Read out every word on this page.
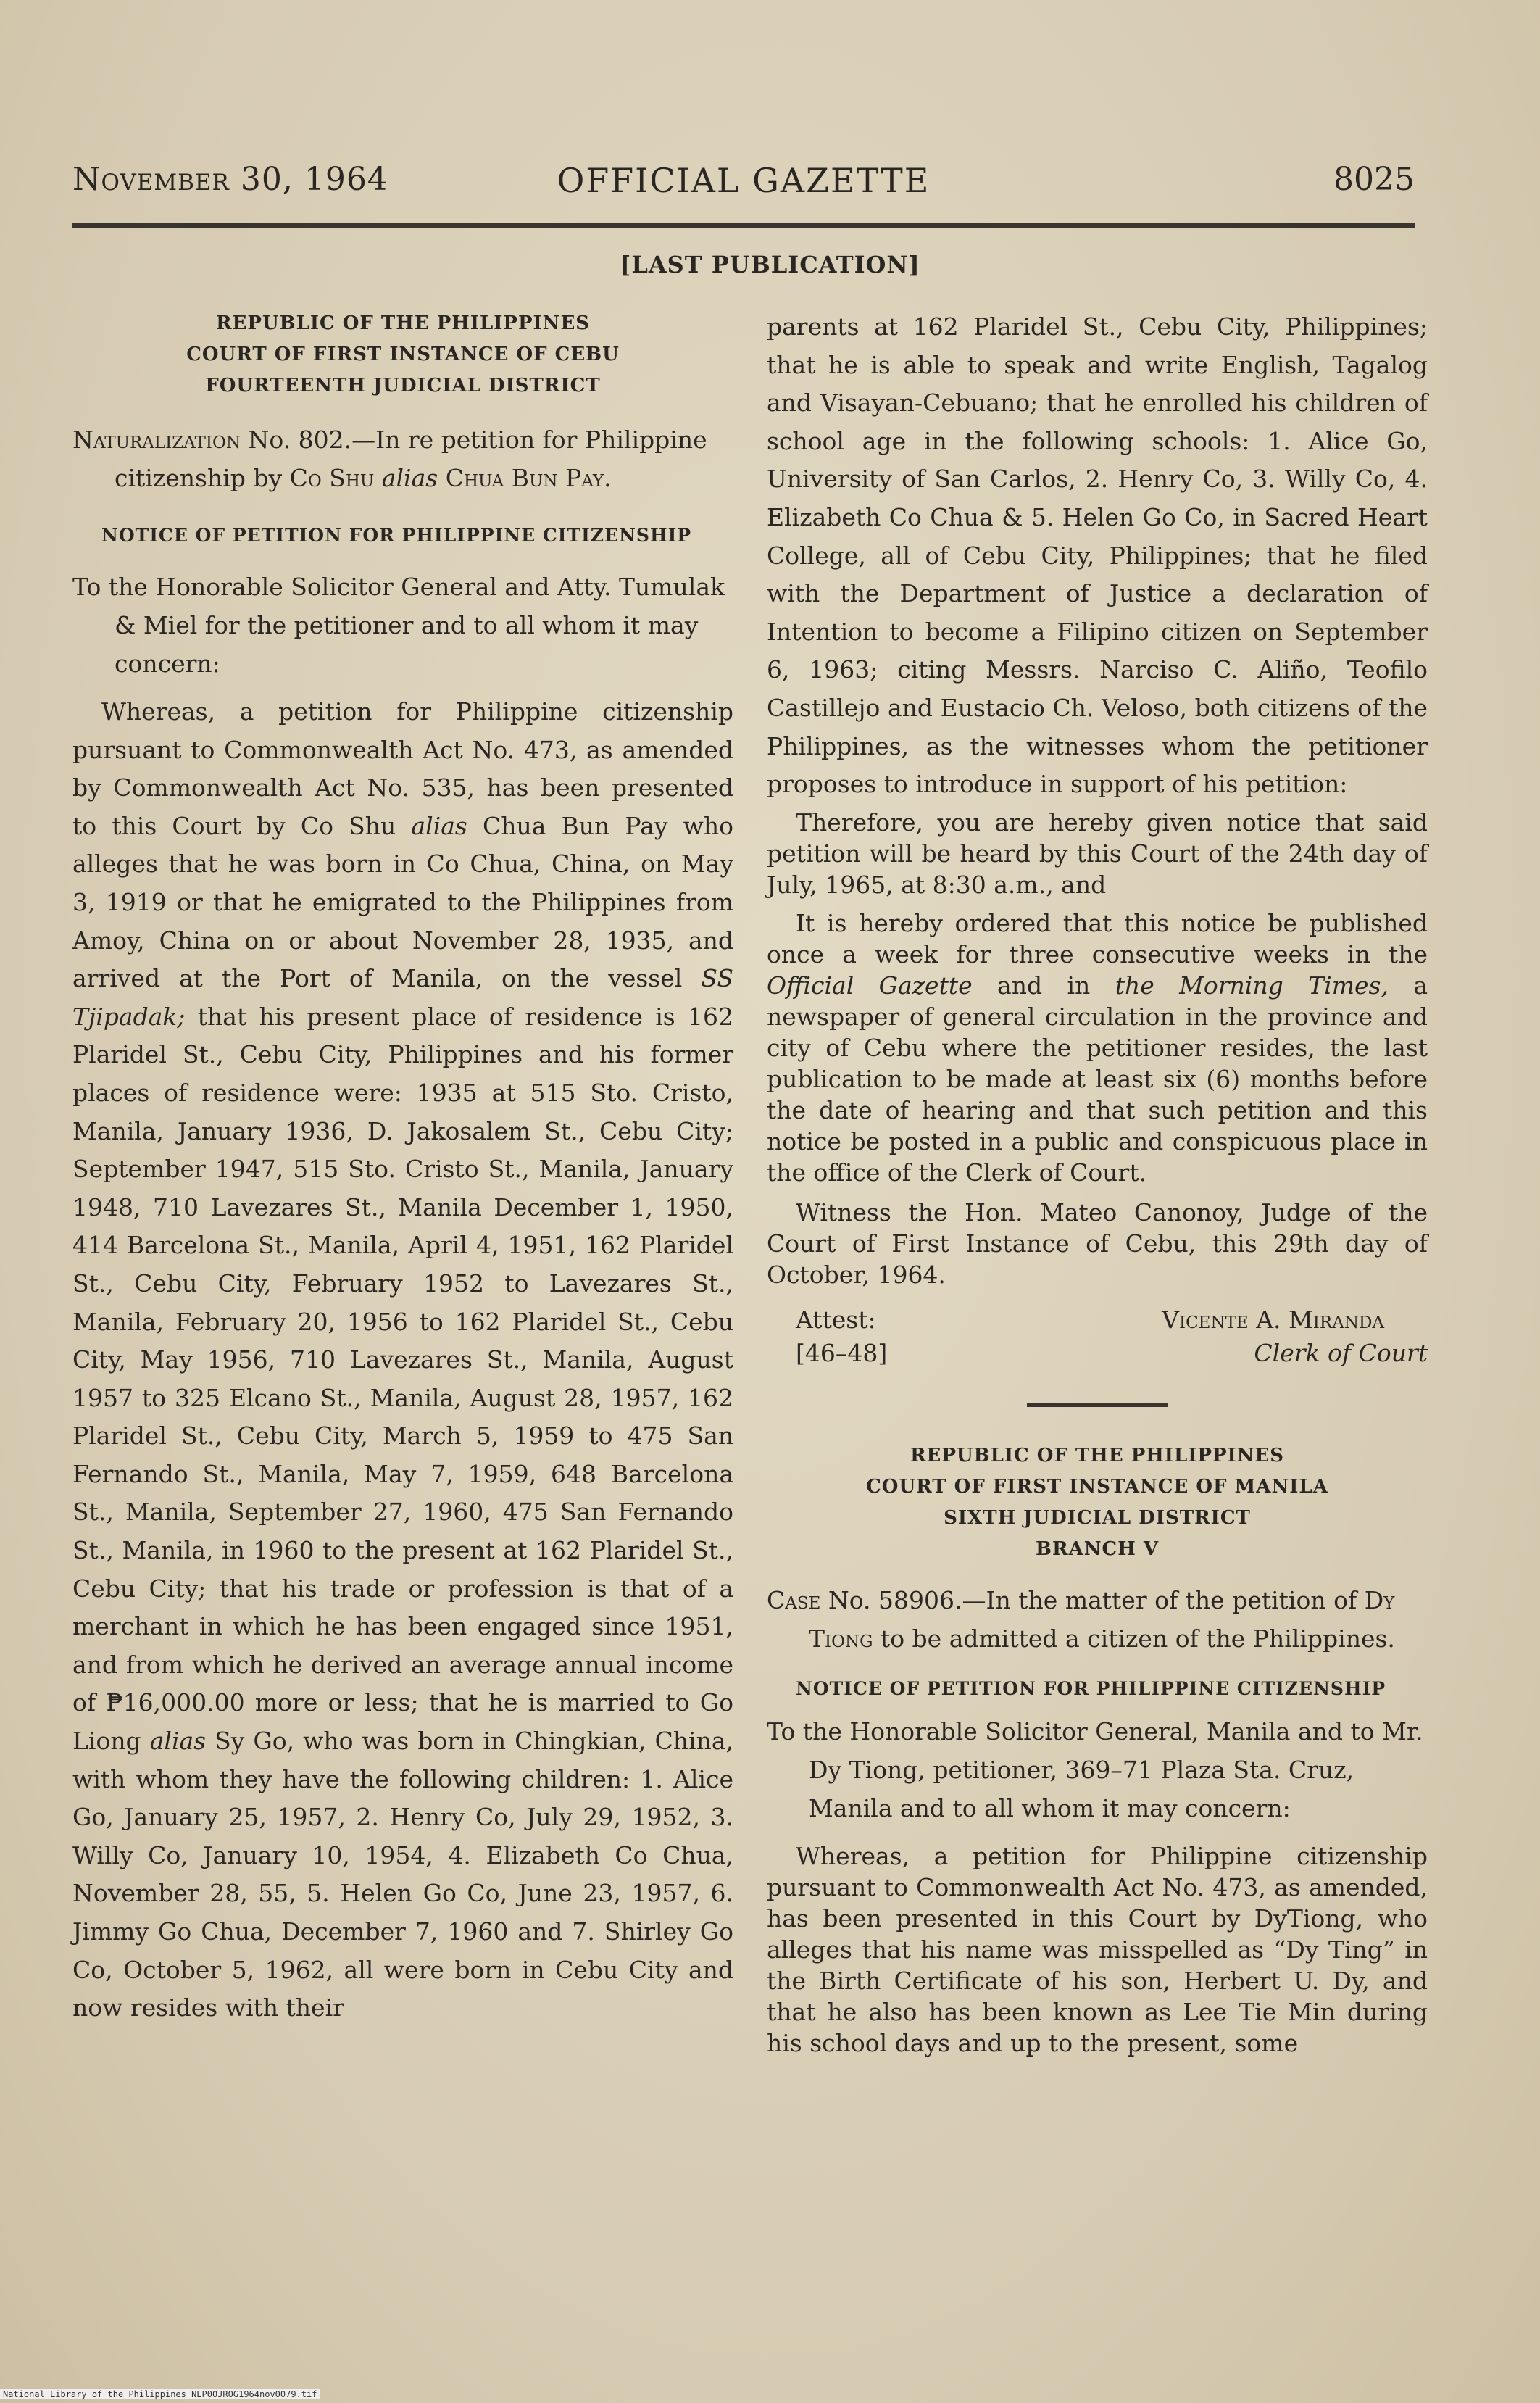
OFFICIAL GAZETTE
November 30, 1964	8025
[LAST PUBLICATION]
REPUBLIC OF THE PHILIPPINES
COURT OF FIRST INSTANCE OF CEBU
FOURTEENTH JUDICIAL DISTRICT

Naturalization No. 802.—In re petition for Philippine citizenship by Co Shu alias Chua Bun Pay.

NOTICE OF PETITION FOR PHILIPPINE CITIZENSHIP

To the Honorable Solicitor General and Atty. Tumulak & Miel for the petitioner and to all whom it may concern:

Whereas, a petition for Philippine citizenship pursuant to Commonwealth Act No. 473, as amended by Commonwealth Act No. 535, has been presented to this Court by Co Shu alias Chua Bun Pay who alleges that he was born in Co Chua, China, on May 3, 1919 or that he emigrated to the Philippines from Amoy, China on or about November 28, 1935, and arrived at the Port of Manila, on the vessel SS Tjipadak; that his present place of residence is 162 Plaridel St., Cebu City, Philippines and his former places of residence were: 1935 at 515 Sto. Cristo, Manila, January 1936, D. Jakosalem St., Cebu City; September 1947, 515 Sto. Cristo St., Manila, January 1948, 710 Lavezares St., Manila December 1, 1950, 414 Barcelona St., Manila, April 4, 1951, 162 Plaridel St., Cebu City, February 1952 to Lavezares St., Manila, February 20, 1956 to 162 Plaridel St., Cebu City, May 1956, 710 Lavezares St., Manila, August 1957 to 325 Elcano St., Manila, August 28, 1957, 162 Plaridel St., Cebu City, March 5, 1959 to 475 San Fernando St., Manila, May 7, 1959, 648 Barcelona St., Manila, September 27, 1960, 475 San Fernando St., Manila, in 1960 to the present at 162 Plaridel St., Cebu City; that his trade or profession is that of a merchant in which he has been engaged since 1951, and from which he derived an average annual income of ₱16,000.00 more or less; that he is married to Go Liong alias Sy Go, who was born in Chingkian, China, with whom they have the following children: 1. Alice Go, January 25, 1957, 2. Henry Co, July 29, 1952, 3. Willy Co, January 10, 1954, 4. Elizabeth Co Chua, November 28, 55, 5. Helen Go Co, June 23, 1957, 6. Jimmy Go Chua, December 7, 1960 and 7. Shirley Go Co, October 5, 1962, all were born in Cebu City and now resides with their

parents at 162 Plaridel St., Cebu City, Philippines; that he is able to speak and write English, Tagalog and Visayan-Cebuano; that he enrolled his children of school age in the following schools: 1. Alice Go, University of San Carlos, 2. Henry Co, 3. Willy Co, 4. Elizabeth Co Chua & 5. Helen Go Co, in Sacred Heart College, all of Cebu City, Philippines; that he filed with the Department of Justice a declaration of Intention to become a Filipino citizen on September 6, 1963; citing Messrs. Narciso C. Aliño, Teofilo Castillejo and Eustacio Ch. Veloso, both citizens of the Philippines, as the witnesses whom the petitioner proposes to introduce in support of his petition:

Therefore, you are hereby given notice that said petition will be heard by this Court of the 24th day of July, 1965, at 8:30 a.m., and

It is hereby ordered that this notice be published once a week for three consecutive weeks in the Official Gazette and in the Morning Times, a newspaper of general circulation in the province and city of Cebu where the petitioner resides, the last publication to be made at least six (6) months before the date of hearing and that such petition and this notice be posted in a public and conspicuous place in the office of the Clerk of Court.

Witness the Hon. Mateo Canonoy, Judge of the Court of First Instance of Cebu, this 29th day of October, 1964.

Attest:
[46–48]
Vicente A. Miranda
Clerk of Court
REPUBLIC OF THE PHILIPPINES
COURT OF FIRST INSTANCE OF MANILA
SIXTH JUDICIAL DISTRICT
BRANCH V

Case No. 58906.—In the matter of the petition of Dy Tiong to be admitted a citizen of the Philippines.

NOTICE OF PETITION FOR PHILIPPINE CITIZENSHIP

To the Honorable Solicitor General, Manila and to Mr. Dy Tiong, petitioner, 369–71 Plaza Sta. Cruz, Manila and to all whom it may concern:

Whereas, a petition for Philippine citizenship pursuant to Commonwealth Act No. 473, as amended, has been presented in this Court by DyTiong, who alleges that his name was misspelled as “Dy Ting” in the Birth Certificate of his son, Herbert U. Dy, and that he also has been known as Lee Tie Min during his school days and up to the present, some

National Library of the Philippines NLP00JROG1964nov0079.tif
